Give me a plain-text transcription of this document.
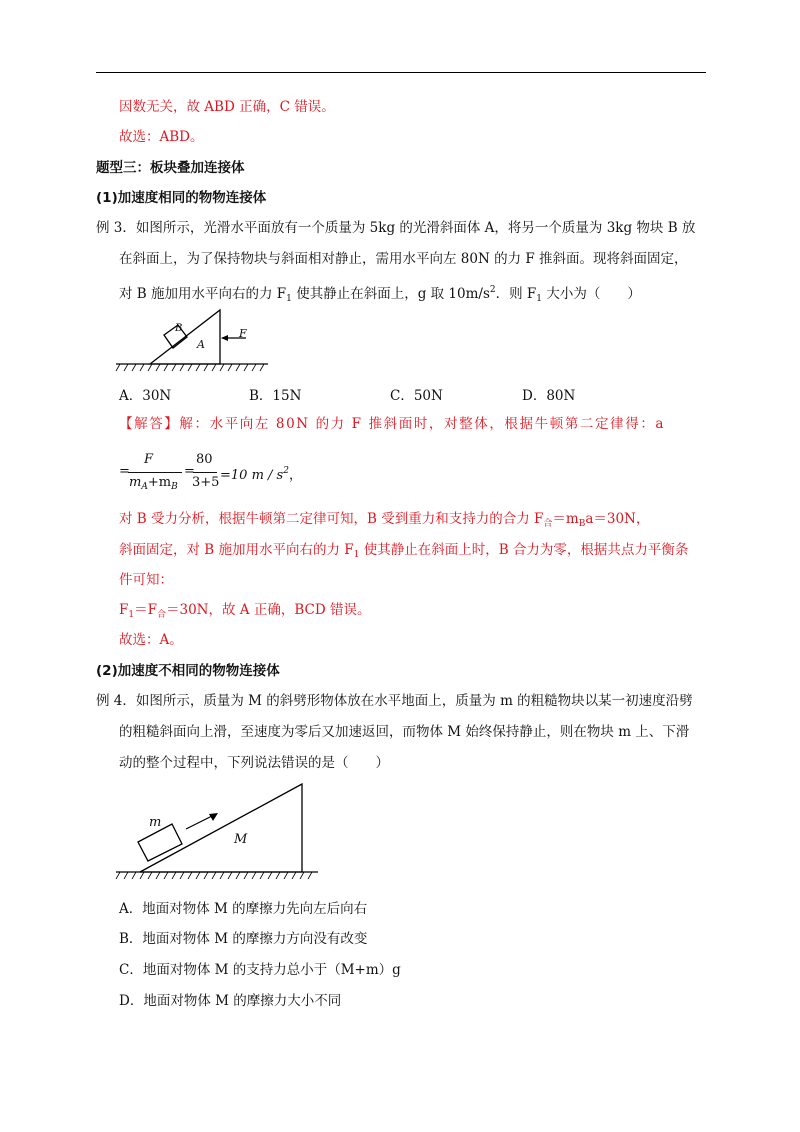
因数无关，故 ABD 正确，C 错误。
故选：ABD。
题型三：板块叠加连接体
(1)加速度相同的物物连接体
例 3．如图所示，光滑水平面放有一个质量为 5kg 的光滑斜面体 A，将另一个质量为 3kg 物块 B 放
在斜面上，为了保持物块与斜面相对静止，需用水平向左 80N 的力 F 推斜面。现将斜面固定，
对 B 施加用水平向右的力 $F_1$ 使其静止在斜面上，g 取 $10m/s^2$．则 $F_1$ 大小为（　　）
B
A
F
A．30N	B．15N	C．50N	D．80N
【解答】解：水平向左 80N 的力 F 推斜面时，对整体，根据牛顿第二定律得：a
=
F
$m_A+m_B$
=
80
3+5 =10 m / $s^2$，
对 B 受力分析，根据牛顿第二定律可知，B 受到重力和支持力的合力 $F_合=m_Ba=30N$，
斜面固定，对 B 施加用水平向右的力 $F_1$ 使其静止在斜面上时，B 合力为零，根据共点力平衡条
件可知：
$F_1=F_合=30N$，故 A 正确，BCD 错误。
故选：A。
(2)加速度不相同的物物连接体
例 4．如图所示，质量为 M 的斜劈形物体放在水平地面上，质量为 m 的粗糙物块以某一初速度沿劈
的粗糙斜面向上滑，至速度为零后又加速返回，而物体 M 始终保持静止，则在物块 m 上、下滑
动的整个过程中，下列说法错误的是（　　）
m
M
A．地面对物体 M 的摩擦力先向左后向右
B．地面对物体 M 的摩擦力方向没有改变
C．地面对物体 M 的支持力总小于（M+m）g
D．地面对物体 M 的摩擦力大小不同
